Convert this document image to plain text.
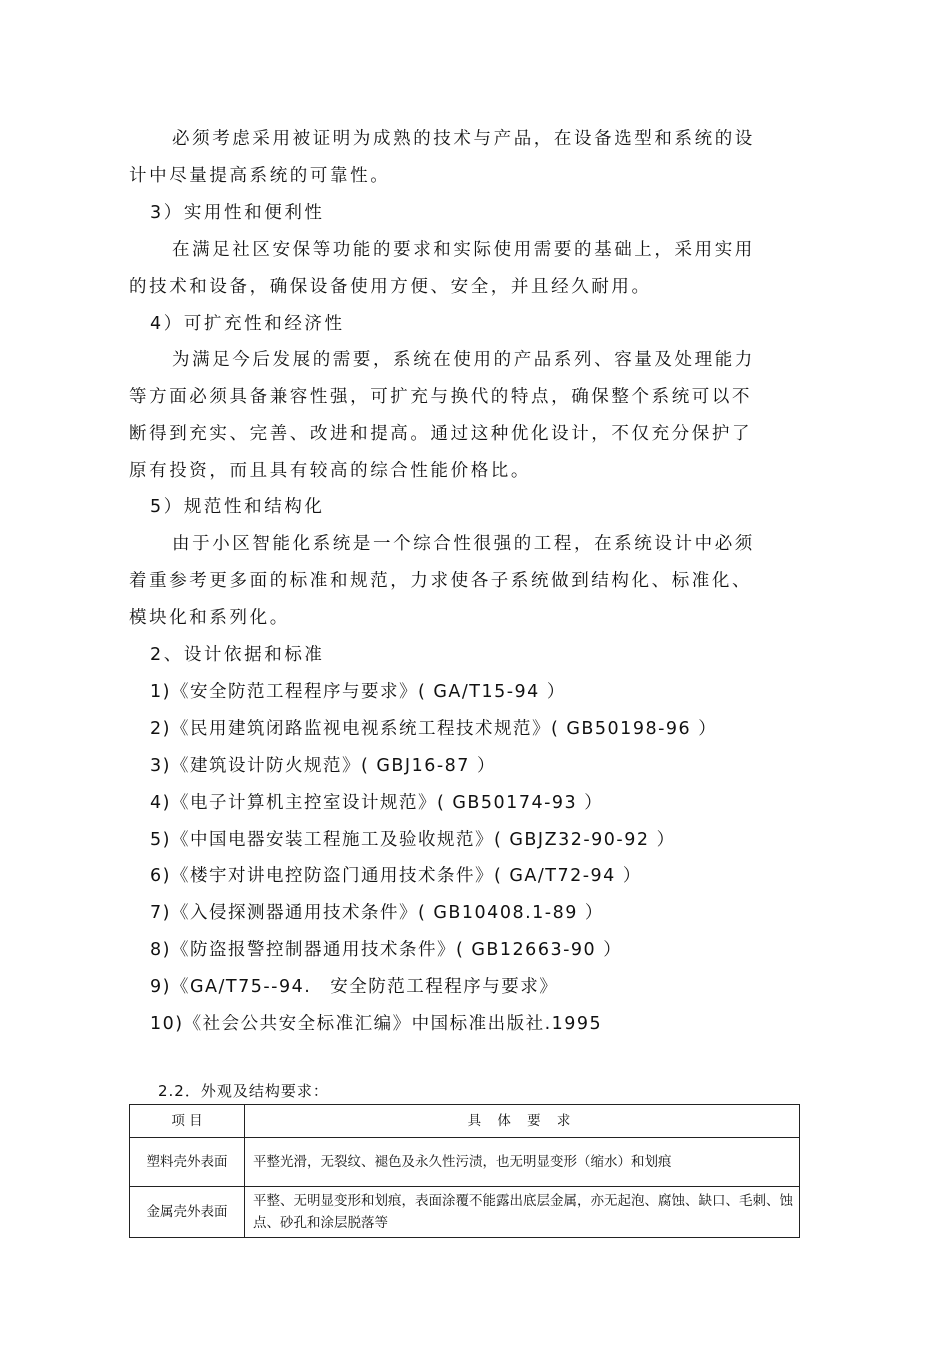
必须考虑采用被证明为成熟的技术与产品，在设备选型和系统的设
计中尽量提高系统的可靠性。
3）实用性和便利性
在满足社区安保等功能的要求和实际使用需要的基础上，采用实用
的技术和设备，确保设备使用方便、安全，并且经久耐用。
4）可扩充性和经济性
为满足今后发展的需要，系统在使用的产品系列、容量及处理能力
等方面必须具备兼容性强，可扩充与换代的特点，确保整个系统可以不
断得到充实、完善、改进和提高。通过这种优化设计，不仅充分保护了
原有投资，而且具有较高的综合性能价格比。
5）规范性和结构化
由于小区智能化系统是一个综合性很强的工程，在系统设计中必须
着重参考更多面的标准和规范，力求使各子系统做到结构化、标准化、
模块化和系列化。
2、设计依据和标准
1)《安全防范工程程序与要求》( GA/T15-94 ）
2)《民用建筑闭路监视电视系统工程技术规范》( GB50198-96 ）
3)《建筑设计防火规范》( GBJ16-87 ）
4)《电子计算机主控室设计规范》( GB50174-93 ）
5)《中国电器安装工程施工及验收规范》( GBJZ32-90-92 ）
6)《楼宇对讲电控防盗门通用技术条件》( GA/T72-94 ）
7)《入侵探测器通用技术条件》( GB10408.1-89 ）
8)《防盗报警控制器通用技术条件》( GB12663-90 ）
9)《GA/T75--94.　安全防范工程程序与要求》
10)《社会公共安全标准汇编》中国标准出版社.1995
2.2．外观及结构要求：
项 目	具 体 要 求
塑料壳外表面	平整光滑，无裂纹、褪色及永久性污渍，也无明显变形（缩水）和划痕
金属壳外表面	平整、无明显变形和划痕，表面涂覆不能露出底层金属，亦无起泡、腐蚀、缺口、毛刺、蚀点、砂孔和涂层脱落等
